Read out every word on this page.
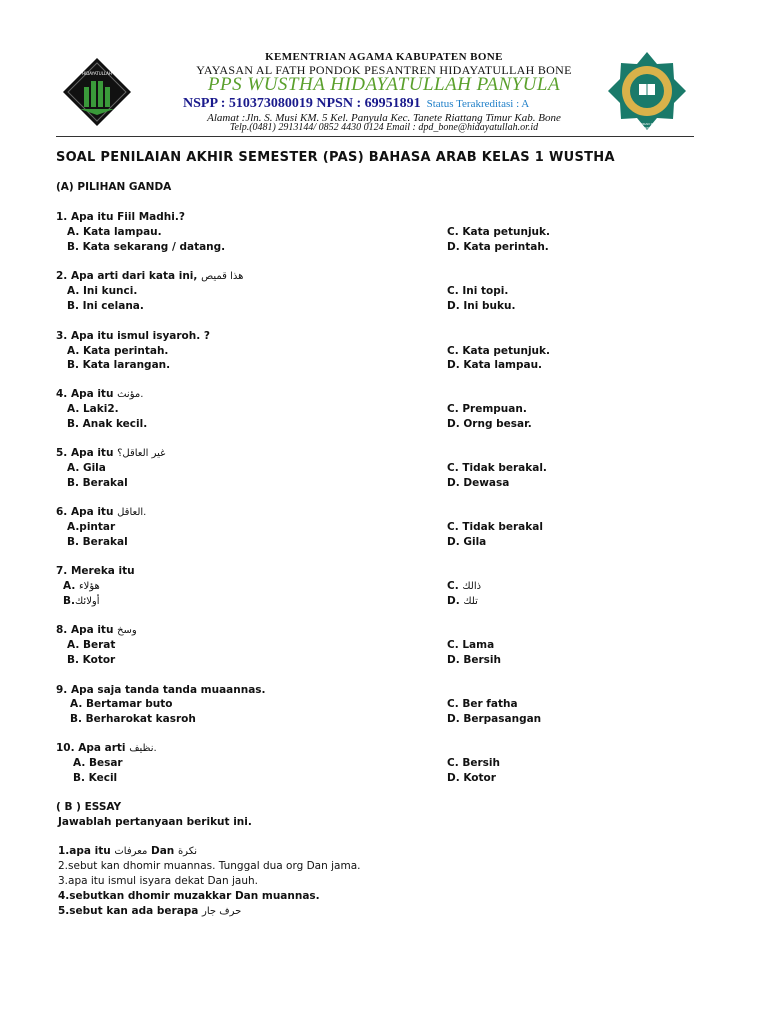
HIDAYATULLAH
PENDIDIKAN DINIYAH HIDAYATULLAH
KEMENTRIAN AGAMA KABUPATEN BONE
YAYASAN AL FATH PONDOK PESANTREN HIDAYATULLAH BONE
PPS WUSTHA HIDAYATULLAH PANYULA
NSPP : 510373080019 NPSN : 69951891 Status Terakreditasi : A
Alamat :Jln. S. Musi KM. 5 Kel. Panyula Kec. Tanete Riattang Timur Kab. Bone
Telp.(0481) 2913144/ 0852 4430 0124 Email : dpd_bone@hidayatullah.or.id
SOAL PENILAIAN AKHIR SEMESTER (PAS) BAHASA ARAB KELAS 1 WUSTHA
(A) PILIHAN GANDA
1. Apa itu Fiil Madhi.?
A. Kata lampau.
B. Kata sekarang / datang.
C. Kata petunjuk.
D. Kata perintah.
2. Apa arti dari kata ini, هذا قميص
A. Ini kunci.
B. Ini celana.
C. Ini topi.
D. Ini buku.
3. Apa itu ismul isyaroh. ?
A. Kata perintah.
B. Kata larangan.
C. Kata petunjuk.
D. Kata lampau.
4. Apa itu مؤنث.
A. Laki2.
B. Anak kecil.
C. Prempuan.
D. Orng besar.
5. Apa itu غير العاقل؟
A. Gila
B. Berakal
C. Tidak berakal.
D. Dewasa
6. Apa itu العاقل.
A.pintar
B. Berakal
C. Tidak berakal
D. Gila
7. Mereka itu
A. هؤلاء
B.أولائك
C. ذالك
D. تلك
8. Apa itu وسخ
A. Berat
B. Kotor
C. Lama
D. Bersih
9. Apa saja tanda tanda muaannas.
A. Bertamar buto
B. Berharokat kasroh
C. Ber fatha
D. Berpasangan
10. Apa arti نظيف.
A. Besar
B. Kecil
C. Bersih
D. Kotor
( B ) ESSAY
Jawablah pertanyaan berikut ini.
1.apa itu معرفات Dan نكرة
2.sebut kan dhomir muannas. Tunggal dua org Dan jama.
3.apa itu ismul isyara dekat Dan jauh.
4.sebutkan dhomir muzakkar Dan muannas.
5.sebut kan ada berapa حرف جار
